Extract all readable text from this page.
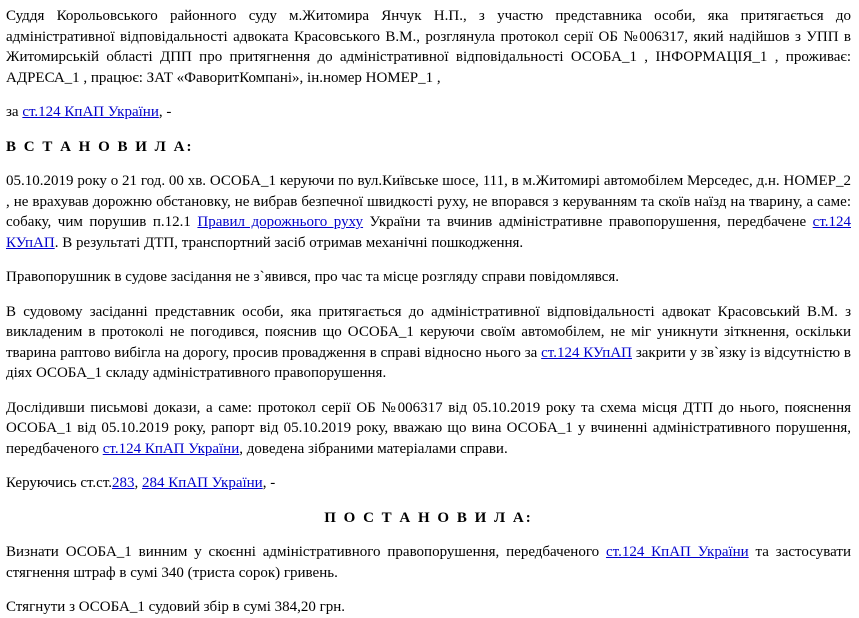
Суддя Корольовського районного суду м.Житомира Янчук Н.П., з участю представника особи, яка притягається до адміністративної відповідальності адвоката Красовського В.М., розглянула протокол серії ОБ №006317, який надійшов з УПП в Житомирській області ДПП про притягнення до адміністративної відповідальності ОСОБА_1 , ІНФОРМАЦІЯ_1 , проживає: АДРЕСА_1 , працює: ЗАТ «ФаворитКомпані», ін.номер НОМЕР_1 ,

за ст.124 КпАП України, -

В С Т А Н О В И Л А:

05.10.2019 року о 21 год. 00 хв. ОСОБА_1 керуючи по вул.Київське шосе, 111, в м.Житомирі автомобілем Мерседес, д.н. НОМЕР_2 , не врахував дорожню обстановку, не вибрав безпечної швидкості руху, не впорався з керуванням та скоїв наїзд на тварину, а саме: собаку, чим порушив п.12.1 Правил дорожнього руху України та вчинив адміністративне правопорушення, передбачене ст.124 КУпАП. В результаті ДТП, транспортний засіб отримав механічні пошкодження.

Правопорушник в судове засідання не з`явився, про час та місце розгляду справи повідомлявся.

В судовому засіданні представник особи, яка притягається до адміністративної відповідальності адвокат Красовський В.М. з викладеним в протоколі не погодився, пояснив що ОСОБА_1 керуючи своїм автомобілем, не міг уникнути зіткнення, оскільки тварина раптово вибігла на дорогу, просив провадження в справі відносно нього за ст.124 КУпАП закрити у зв`язку із відсутністю в діях ОСОБА_1 складу адміністративного правопорушення.

Дослідивши письмові докази, а саме: протокол серії ОБ №006317 від 05.10.2019 року та схема місця ДТП до нього, пояснення ОСОБА_1 від 05.10.2019 року, рапорт від 05.10.2019 року, вважаю що вина ОСОБА_1 у вчиненні адміністративного порушення, передбаченого ст.124 КпАП України, доведена зібраними матеріалами справи.

Керуючись ст.ст.283, 284 КпАП України, -

П О С Т А Н О В И Л А:

Визнати ОСОБА_1 винним у скоєнні адміністративного правопорушення, передбаченого ст.124 КпАП України та застосувати стягнення штраф в сумі 340 (триста сорок) гривень.

Стягнути з ОСОБА_1 судовий збір в сумі 384,20 грн.
